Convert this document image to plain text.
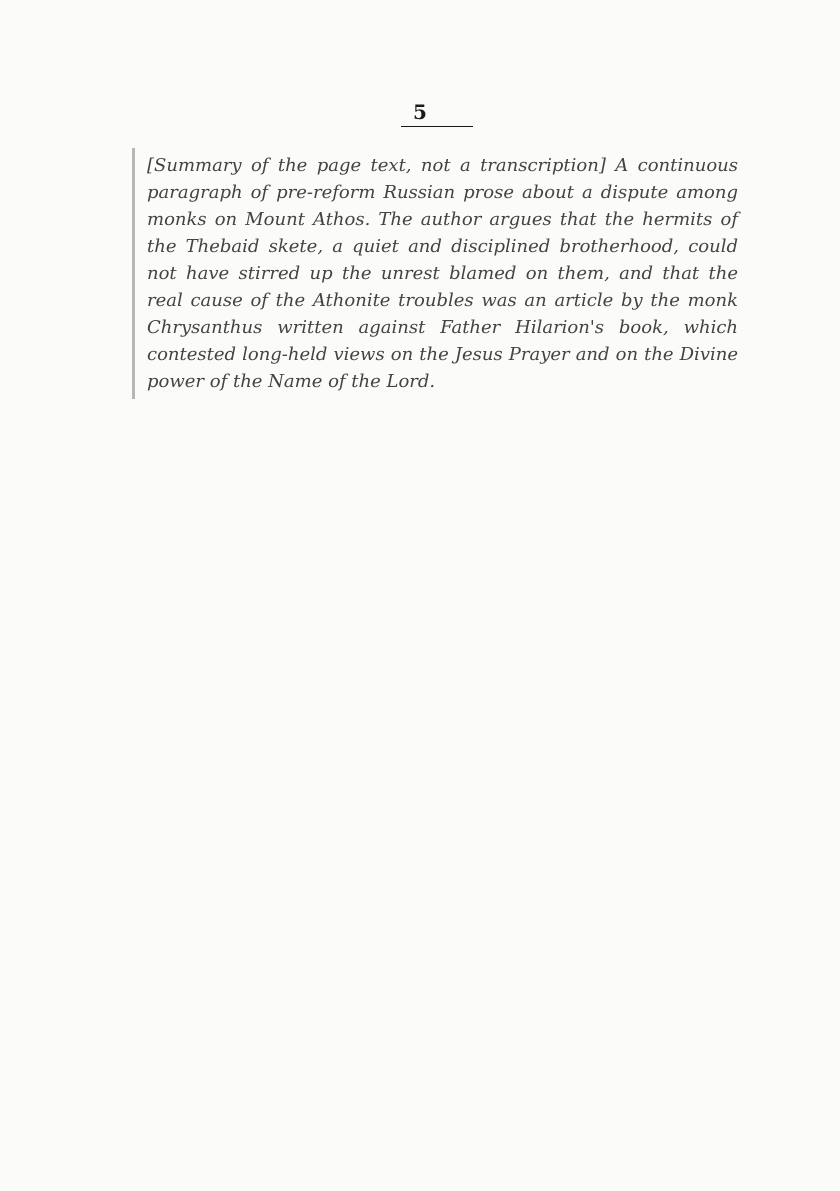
5
[Summary of the page text, not a transcription] A continuous paragraph of pre-reform Russian prose about a dispute among monks on Mount Athos. The author argues that the hermits of the Thebaid skete, a quiet and disciplined brotherhood, could not have stirred up the unrest blamed on them, and that the real cause of the Athonite troubles was an article by the monk Chrysanthus written against Father Hilarion's book, which contested long-held views on the Jesus Prayer and on the Divine power of the Name of the Lord.
